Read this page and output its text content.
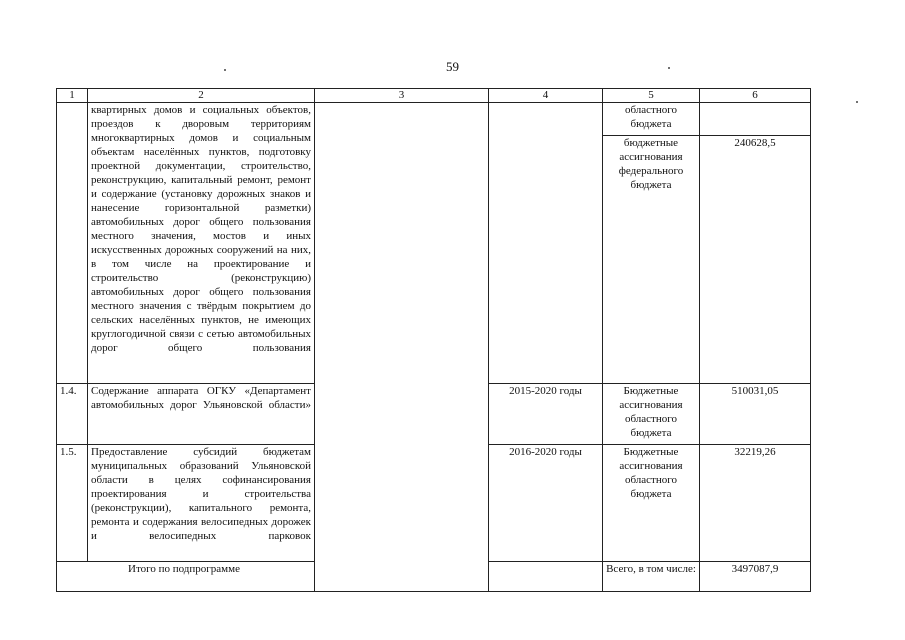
59
1	2	3	4	5	6
	квартирных домов и социальных объектов, проездов к дворовым территориям многоквартирных домов и социальным объектам населённых пунктов, подготовку проектной документации, строительство, реконструкцию, капитальный ремонт, ремонт и содержание (установку дорожных знаков и нанесение горизонтальной разметки) автомобильных дорог общего пользования местного значения, мостов и иных искусственных дорожных сооружений на них, в том числе на проектирование и строительство (реконструкцию) автомобильных дорог общего пользования местного значения с твёрдым покрытием до сельских населённых пунктов, не имеющих круглогодичной связи с сетью автомобильных дорог общего пользования			областного бюджета	
				бюджетные ассигнования федерального бюджета	240628,5
1.4.	Содержание аппарата ОГКУ «Департамент автомобильных дорог Ульяновской области»		2015-2020 годы	Бюджетные ассигнования областного бюджета	510031,05
1.5.	Предоставление субсидий бюджетам муниципальных образований Ульяновской области в целях софинансирования проектирования и строительства (реконструкции), капитального ремонта, ремонта и содержания велосипедных дорожек и велосипедных парковок		2016-2020 годы	Бюджетные ассигнования областного бюджета	32219,26
Итого по подпрограмме				Всего, в том числе:	3497087,9
